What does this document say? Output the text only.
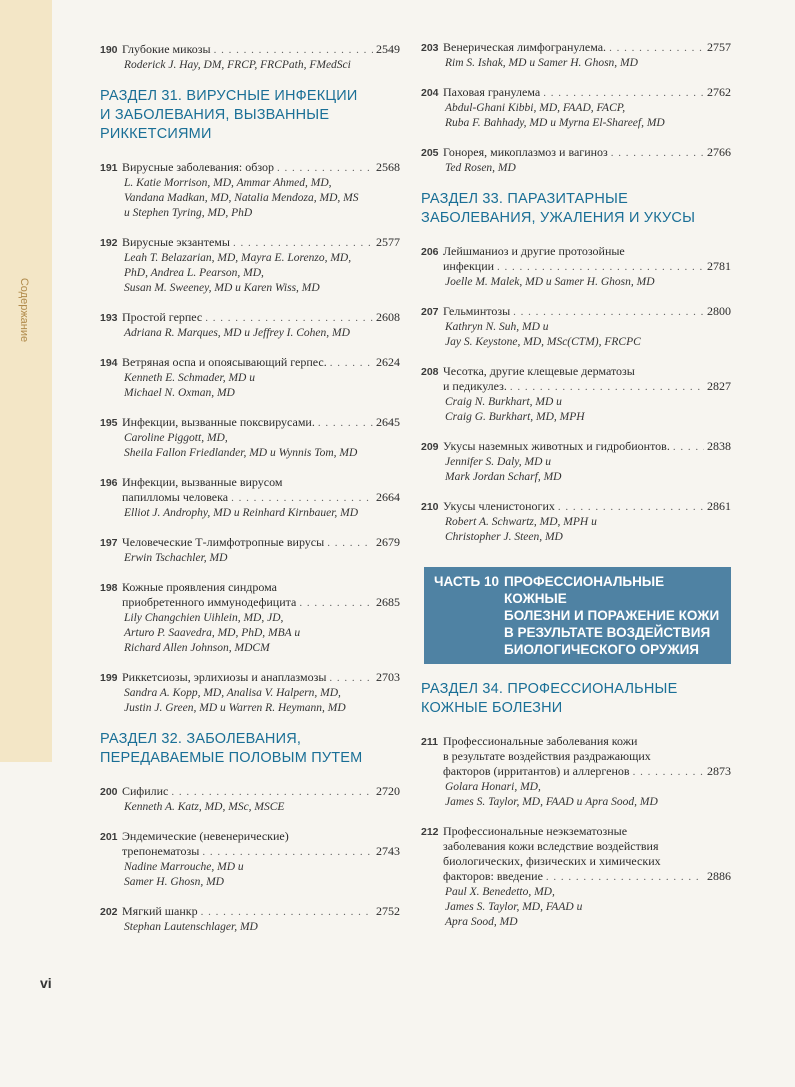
Содержание
190 Глубокие микозы . . .	2549
Roderick J. Hay, DM, FRCP, FRCPath, FMedSci
РАЗДЕЛ 31. ВИРУСНЫЕ ИНФЕКЦИИ
И ЗАБОЛЕВАНИЯ, ВЫЗВАННЫЕ
РИККЕТСИЯМИ
191 Вирусные заболевания: обзор . . .	2568
L. Katie Morrison, MD, Ammar Ahmed, MD,
Vandana Madkan, MD, Natalia Mendoza, MD, MS
и Stephen Tyring, MD, PhD
192 Вирусные экзантемы . . .	2577
Leah T. Belazarian, MD, Mayra E. Lorenzo, MD,
PhD, Andrea L. Pearson, MD,
Susan M. Sweeney, MD и Karen Wiss, MD
193 Простой герпес . . .	2608
Adriana R. Marques, MD и Jeffrey I. Cohen, MD
194 Ветряная оспа и опоясывающий герпес. . . .	2624
Kenneth E. Schmader, MD и
Michael N. Oxman, MD
195 Инфекции, вызванные поксвирусами. . . .	2645
Caroline Piggott, MD,
Sheila Fallon Friedlander, MD и Wynnis Tom, MD
196 Инфекции, вызванные вирусом
папилломы человека . . .	2664
Elliot J. Androphy, MD и Reinhard Kirnbauer, MD
197 Человеческие Т-лимфотропные вирусы . . .	2679
Erwin Tschachler, MD
198 Кожные проявления синдрома
приобретенного иммунодефицита . . .	2685
Lily Changchien Uihlein, MD, JD,
Arturo P. Saavedra, MD, PhD, MBA и
Richard Allen Johnson, MDCM
199 Риккетсиозы, эрлихиозы и анаплазмозы . . .	2703
Sandra A. Kopp, MD, Analisa V. Halpern, MD,
Justin J. Green, MD и Warren R. Heymann, MD
РАЗДЕЛ 32. ЗАБОЛЕВАНИЯ,
ПЕРЕДАВАЕМЫЕ ПОЛОВЫМ ПУТЕМ
200 Сифилис . . .	2720
Kenneth A. Katz, MD, MSc, MSCE
201 Эндемические (невенерические)
трепонематозы . . .	2743
Nadine Marrouche, MD и
Samer H. Ghosn, MD
202 Мягкий шанкр . . .	2752
Stephan Lautenschlager, MD
203 Венерическая лимфогранулема. . . .	2757
Rim S. Ishak, MD и Samer H. Ghosn, MD
204 Паховая гранулема . . .	2762
Abdul-Ghani Kibbi, MD, FAAD, FACP,
Ruba F. Bahhady, MD и Myrna El-Shareef, MD
205 Гонорея, микоплазмоз и вагиноз . . .	2766
Ted Rosen, MD
РАЗДЕЛ 33. ПАРАЗИТАРНЫЕ
ЗАБОЛЕВАНИЯ, УЖАЛЕНИЯ И УКУСЫ
206 Лейшманиоз и другие протозойные
инфекции . . .	2781
Joelle M. Malek, MD и Samer H. Ghosn, MD
207 Гельминтозы . . .	2800
Kathryn N. Suh, MD и
Jay S. Keystone, MD, MSc(CTM), FRCPC
208 Чесотка, другие клещевые дерматозы
и педикулез. . . .	2827
Craig N. Burkhart, MD и
Craig G. Burkhart, MD, MPH
209 Укусы наземных животных и гидробионтов. . . .	2838
Jennifer S. Daly, MD и
Mark Jordan Scharf, MD
210 Укусы членистоногих . . .	2861
Robert A. Schwartz, MD, MPH и
Christopher J. Steen, MD
ЧАСТЬ 10 ПРОФЕССИОНАЛЬНЫЕ КОЖНЫЕ
БОЛЕЗНИ И ПОРАЖЕНИЕ КОЖИ
В РЕЗУЛЬТАТЕ ВОЗДЕЙСТВИЯ
БИОЛОГИЧЕСКОГО ОРУЖИЯ
РАЗДЕЛ 34. ПРОФЕССИОНАЛЬНЫЕ
КОЖНЫЕ БОЛЕЗНИ
211 Профессиональные заболевания кожи
в результате воздействия раздражающих
факторов (ирритантов) и аллергенов . . .	2873
Golara Honari, MD,
James S. Taylor, MD, FAAD и Apra Sood, MD
212 Профессиональные неэкзематозные
заболевания кожи вследствие воздействия
биологических, физических и химических
факторов: введение . . .	2886
Paul X. Benedetto, MD,
James S. Taylor, MD, FAAD и
Apra Sood, MD
vi
